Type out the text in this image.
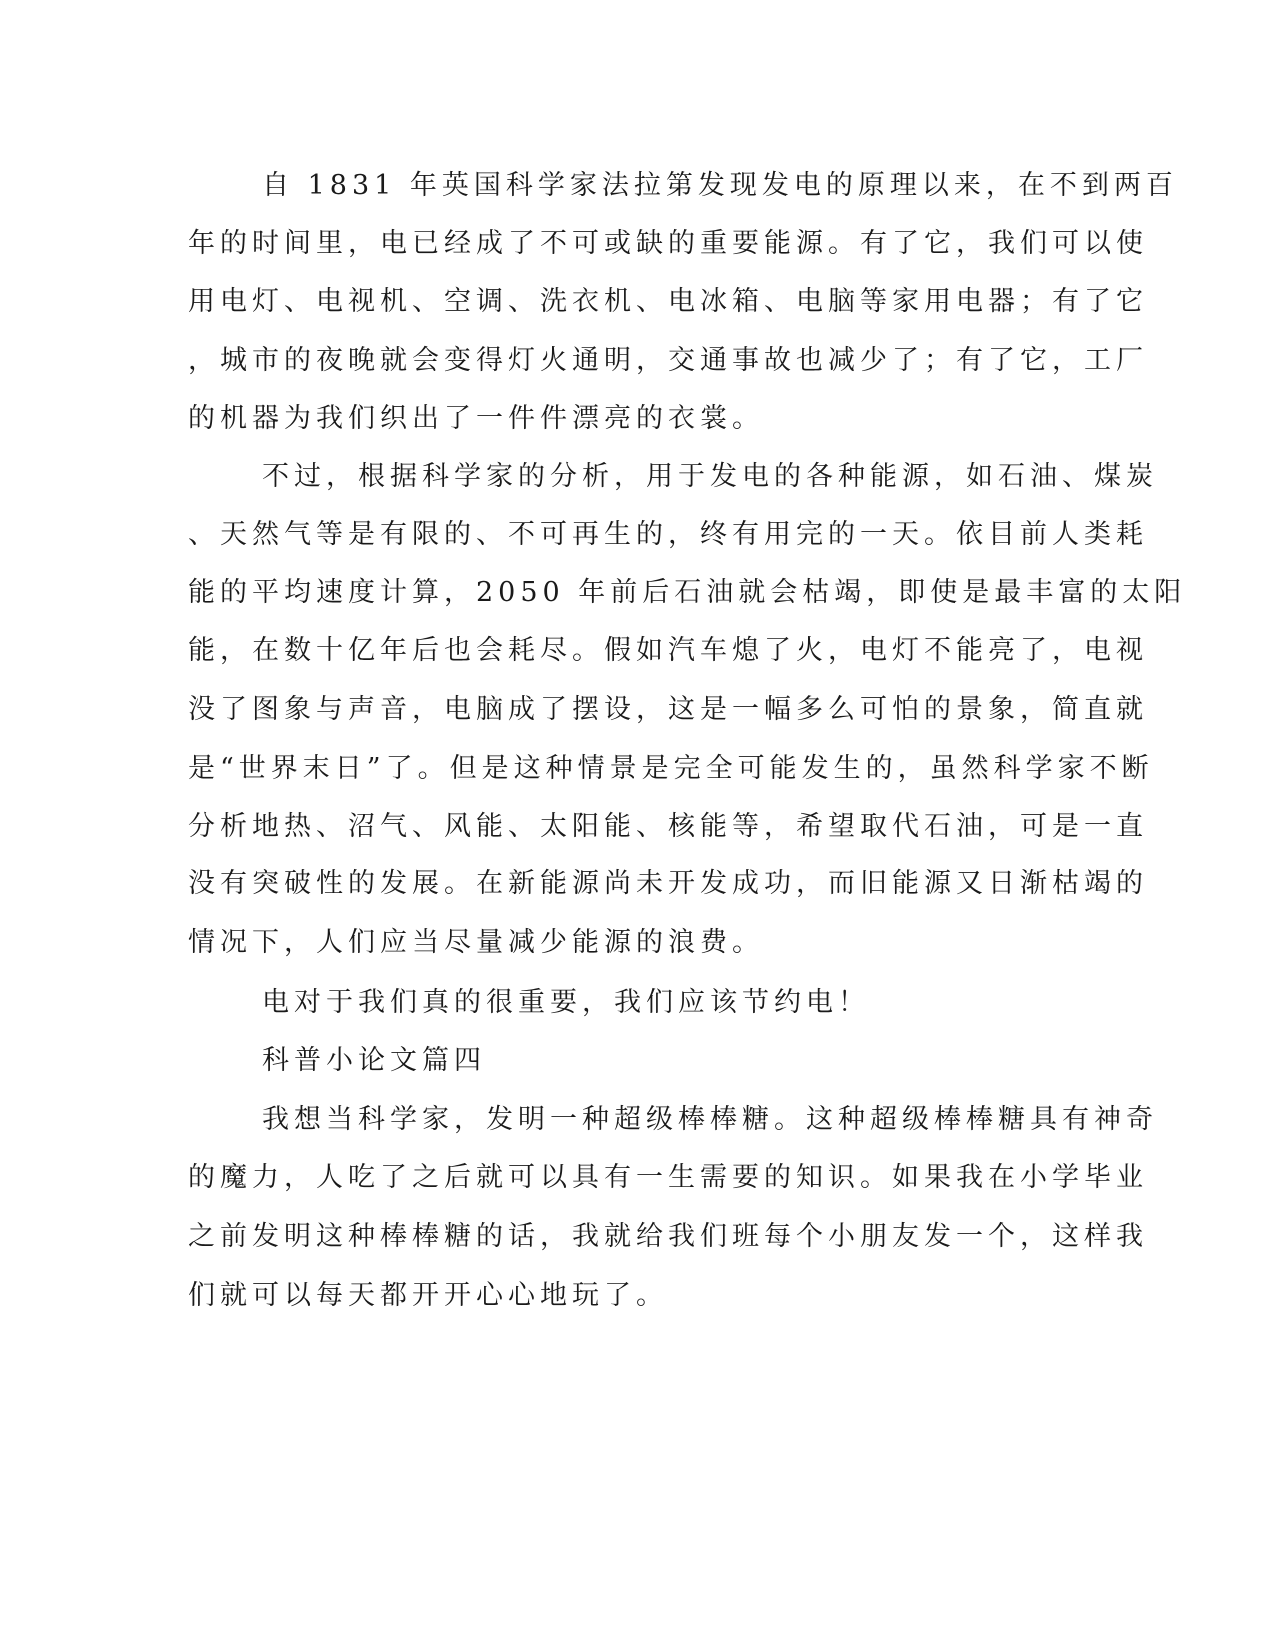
自 1831 年英国科学家法拉第发现发电的原理以来，在不到两百
年的时间里，电已经成了不可或缺的重要能源。有了它，我们可以使
用电灯、电视机、空调、洗衣机、电冰箱、电脑等家用电器；有了它
，城市的夜晚就会变得灯火通明，交通事故也减少了；有了它，工厂
的机器为我们织出了一件件漂亮的衣裳。
不过，根据科学家的分析，用于发电的各种能源，如石油、煤炭
、天然气等是有限的、不可再生的，终有用完的一天。依目前人类耗
能的平均速度计算，2050 年前后石油就会枯竭，即使是最丰富的太阳
能，在数十亿年后也会耗尽。假如汽车熄了火，电灯不能亮了，电视
没了图象与声音，电脑成了摆设，这是一幅多么可怕的景象，简直就
是“世界末日”了。但是这种情景是完全可能发生的，虽然科学家不断
分析地热、沼气、风能、太阳能、核能等，希望取代石油，可是一直
没有突破性的发展。在新能源尚未开发成功，而旧能源又日渐枯竭的
情况下，人们应当尽量减少能源的浪费。
电对于我们真的很重要，我们应该节约电！
科普小论文篇四
我想当科学家，发明一种超级棒棒糖。这种超级棒棒糖具有神奇
的魔力，人吃了之后就可以具有一生需要的知识。如果我在小学毕业
之前发明这种棒棒糖的话，我就给我们班每个小朋友发一个，这样我
们就可以每天都开开心心地玩了。
